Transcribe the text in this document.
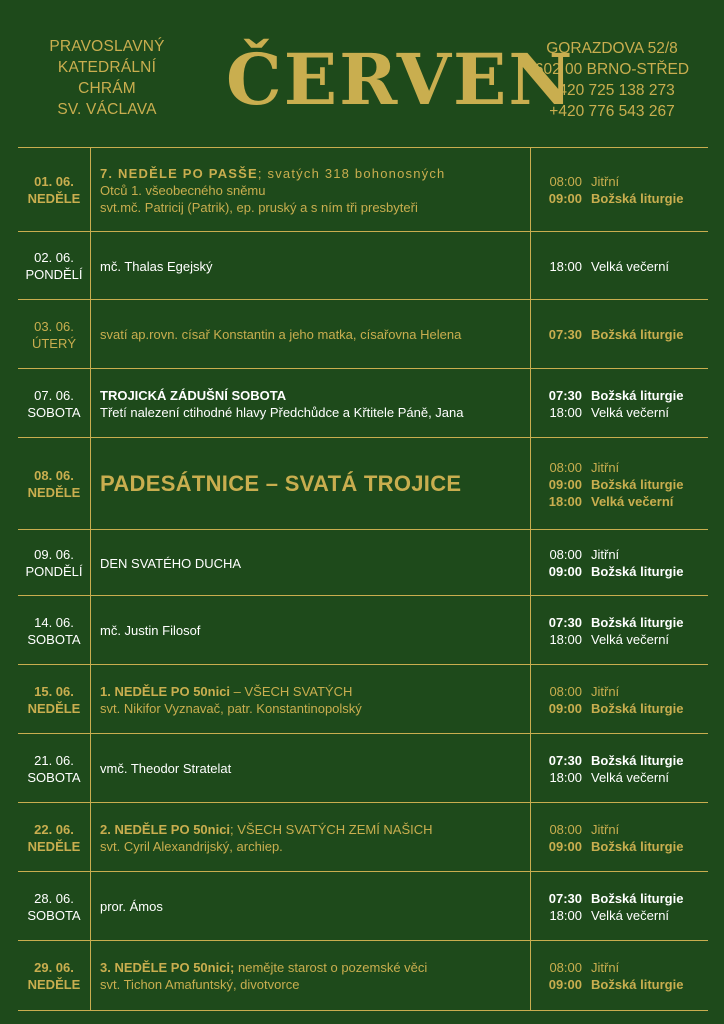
PRAVOSLAVNÝ
KATEDRÁLNÍ
CHRÁM
SV. VÁCLAVA ČERVEN
GORAZDOVA 52/8
602 00 BRNO-STŘED
+420 725 138 273
+420 776 543 267
01. 06.
NEDĚLE
7. NEDĚLE PO PASŠE; svatých 318 bohonosných
Otců 1. všeobecného sněmu
svt.mč. Patricij (Patrik), ep. pruský a s ním tři presbyteři
08:00 Jitřní
09:00 Božská liturgie
02. 06.
PONDĚLÍ
mč. Thalas Egejský	18:00 Velká večerní
03. 06.
ÚTERÝ
svatí ap.rovn. císař Konstantin a jeho matka, císařovna Helena	07:30 Božská liturgie
07. 06.
SOBOTA
TROJICKÁ ZÁDUŠNÍ SOBOTA
Třetí nalezení ctihodné hlavy Předchůdce a Křtitele Páně, Jana
07:30 Božská liturgie
18:00 Velká večerní
08. 06.
NEDĚLE PADESÁTNICE – SVATÁ TROJICE
08:00 Jitřní
09:00 Božská liturgie
18:00 Velká večerní
09. 06.
PONDĚLÍ
DEN SVATÉHO DUCHA
08:00 Jitřní
09:00 Božská liturgie
14. 06.
SOBOTA
mč. Justin Filosof
07:30 Božská liturgie
18:00 Velká večerní
15. 06.
NEDĚLE
1. NEDĚLE PO 50nici – VŠECH SVATÝCH
svt. Nikifor Vyznavač, patr. Konstantinopolský
08:00 Jitřní
09:00 Božská liturgie
21. 06.
SOBOTA
vmč. Theodor Stratelat
07:30 Božská liturgie
18:00 Velká večerní
22. 06.
NEDĚLE
2. NEDĚLE PO 50nici; VŠECH SVATÝCH ZEMÍ NAŠICH
svt. Cyril Alexandrijský, archiep.
08:00 Jitřní
09:00 Božská liturgie
28. 06.
SOBOTA
pror. Ámos
07:30 Božská liturgie
18:00 Velká večerní
29. 06.
NEDĚLE
3. NEDĚLE PO 50nici; nemějte starost o pozemské věci
svt. Tichon Amafuntský, divotvorce
08:00 Jitřní
09:00 Božská liturgie
